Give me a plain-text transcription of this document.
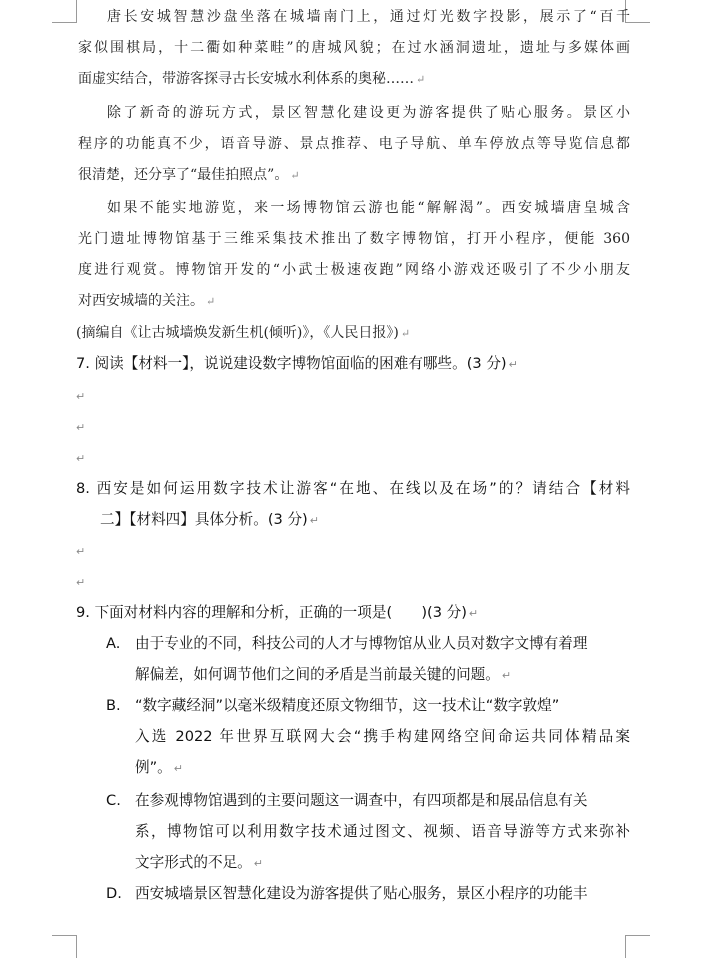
唐长安城智慧沙盘坐落在城墙南门上，通过灯光数字投影，展示了“百千
家似围棋局，十二衢如种菜畦”的唐城风貌；在过水涵洞遗址，遗址与多媒体画
面虚实结合，带游客探寻古长安城水利体系的奥秘…… ↵
除了新奇的游玩方式，景区智慧化建设更为游客提供了贴心服务。景区小
程序的功能真不少，语音导游、景点推荐、电子导航、单车停放点等导览信息都
很清楚，还分享了“最佳拍照点”。 ↵
如果不能实地游览，来一场博物馆云游也能“解解渴”。西安城墙唐皇城含
光门遗址博物馆基于三维采集技术推出了数字博物馆，打开小程序，便能 360
度进行观赏。博物馆开发的“小武士极速夜跑”网络小游戏还吸引了不少小朋友
对西安城墙的关注。 ↵
(摘编自《让古城墙焕发新生机(倾听)》，《人民日报》) ↵
7. 阅读【材料一】，说说建设数字博物馆面临的困难有哪些。(3 分) ↵
↵
↵
↵
8. 西安是如何运用数字技术让游客“在地、在线以及在场”的？请结合【材料
二】【材料四】具体分析。(3 分) ↵
↵
↵
9. 下面对材料内容的理解和分析，正确的一项是(　　)(3 分) ↵
A. 由于专业的不同，科技公司的人才与博物馆从业人员对数字文博有着理
解偏差，如何调节他们之间的矛盾是当前最关键的问题。 ↵
B. “数字藏经洞”以毫米级精度还原文物细节，这一技术让“数字敦煌”
入选 2022 年世界互联网大会“携手构建网络空间命运共同体精品案
例”。 ↵
C. 在参观博物馆遇到的主要问题这一调查中，有四项都是和展品信息有关
系，博物馆可以利用数字技术通过图文、视频、语音导游等方式来弥补
文字形式的不足。 ↵
D. 西安城墙景区智慧化建设为游客提供了贴心服务，景区小程序的功能丰
